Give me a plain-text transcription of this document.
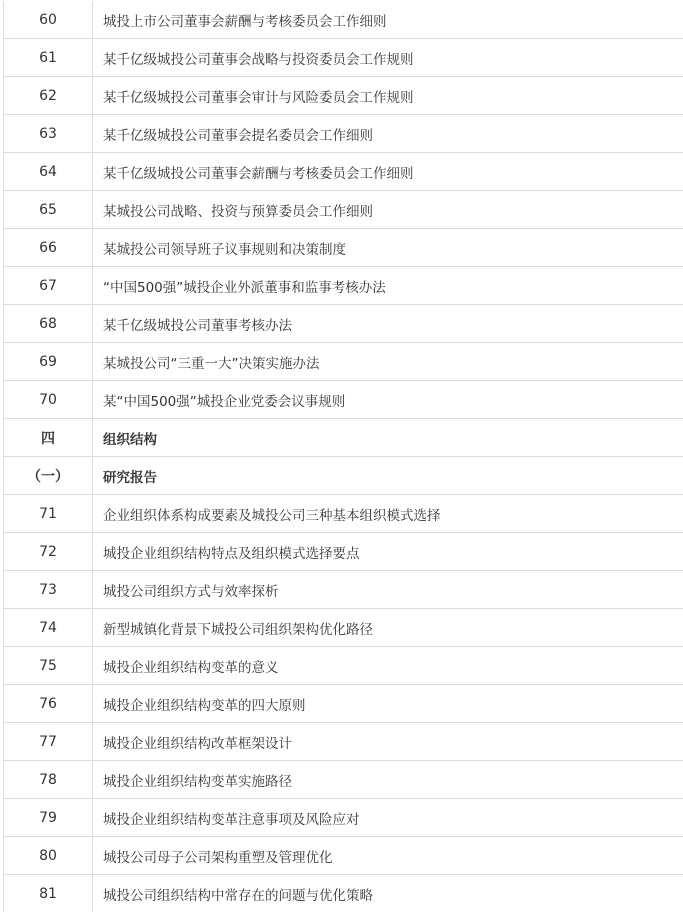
60	城投上市公司董事会薪酬与考核委员会工作细则
61	某千亿级城投公司董事会战略与投资委员会工作规则
62	某千亿级城投公司董事会审计与风险委员会工作规则
63	某千亿级城投公司董事会提名委员会工作细则
64	某千亿级城投公司董事会薪酬与考核委员会工作细则
65	某城投公司战略、投资与预算委员会工作细则
66	某城投公司领导班子议事规则和决策制度
67	“中国500强”城投企业外派董事和监事考核办法
68	某千亿级城投公司董事考核办法
69	某城投公司“三重一大”决策实施办法
70	某“中国500强”城投企业党委会议事规则
四	组织结构
（一）	研究报告
71	企业组织体系构成要素及城投公司三种基本组织模式选择
72	城投企业组织结构特点及组织模式选择要点
73	城投公司组织方式与效率探析
74	新型城镇化背景下城投公司组织架构优化路径
75	城投企业组织结构变革的意义
76	城投企业组织结构变革的四大原则
77	城投企业组织结构改革框架设计
78	城投企业组织结构变革实施路径
79	城投企业组织结构变革注意事项及风险应对
80	城投公司母子公司架构重塑及管理优化
81	城投公司组织结构中常存在的问题与优化策略
